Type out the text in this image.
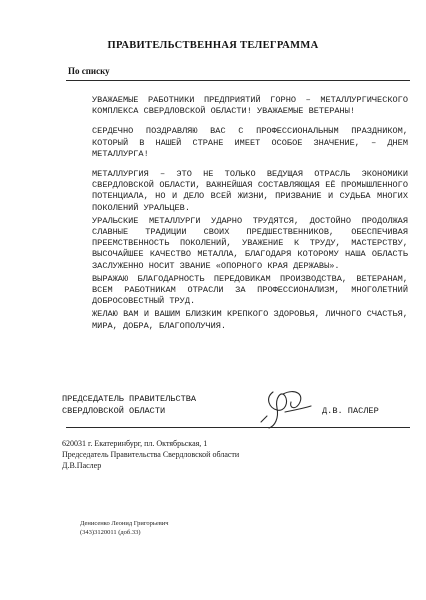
ПРАВИТЕЛЬСТВЕННАЯ ТЕЛЕГРАММА
По списку

УВАЖАЕМЫЕ РАБОТНИКИ ПРЕДПРИЯТИЙ ГОРНО – МЕТАЛЛУРГИЧЕСКОГО КОМПЛЕКСА СВЕРДЛОВСКОЙ ОБЛАСТИ! УВАЖАЕМЫЕ ВЕТЕРАНЫ!

СЕРДЕЧНО ПОЗДРАВЛЯЮ ВАС С ПРОФЕССИОНАЛЬНЫМ ПРАЗДНИКОМ, КОТОРЫЙ В НАШЕЙ СТРАНЕ ИМЕЕТ ОСОБОЕ ЗНАЧЕНИЕ, – ДНЕМ МЕТАЛЛУРГА!

МЕТАЛЛУРГИЯ – ЭТО НЕ ТОЛЬКО ВЕДУЩАЯ ОТРАСЛЬ ЭКОНОМИКИ СВЕРДЛОВСКОЙ ОБЛАСТИ, ВАЖНЕЙШАЯ СОСТАВЛЯЮЩАЯ ЕЁ ПРОМЫШЛЕННОГО ПОТЕНЦИАЛА, НО И ДЕЛО ВСЕЙ ЖИЗНИ, ПРИЗВАНИЕ И СУДЬБА МНОГИХ ПОКОЛЕНИЙ УРАЛЬЦЕВ.

УРАЛЬСКИЕ МЕТАЛЛУРГИ УДАРНО ТРУДЯТСЯ, ДОСТОЙНО ПРОДОЛЖАЯ СЛАВНЫЕ ТРАДИЦИИ СВОИХ ПРЕДШЕСТВЕННИКОВ, ОБЕСПЕЧИВАЯ ПРЕЕМСТВЕННОСТЬ ПОКОЛЕНИЙ, УВАЖЕНИЕ К ТРУДУ, МАСТЕРСТВУ, ВЫСОЧАЙШЕЕ КАЧЕСТВО МЕТАЛЛА, БЛАГОДАРЯ КОТОРОМУ НАША ОБЛАСТЬ ЗАСЛУЖЕННО НОСИТ ЗВАНИЕ «ОПОРНОГО КРАЯ ДЕРЖАВЫ».

ВЫРАЖАЮ БЛАГОДАРНОСТЬ ПЕРЕДОВИКАМ ПРОИЗВОДСТВА, ВЕТЕРАНАМ, ВСЕМ РАБОТНИКАМ ОТРАСЛИ ЗА ПРОФЕССИОНАЛИЗМ, МНОГОЛЕТНИЙ ДОБРОСОВЕСТНЫЙ ТРУД.

ЖЕЛАЮ ВАМ И ВАШИМ БЛИЗКИМ КРЕПКОГО ЗДОРОВЬЯ, ЛИЧНОГО СЧАСТЬЯ, МИРА, ДОБРА, БЛАГОПОЛУЧИЯ.

ПРЕДСЕДАТЕЛЬ ПРАВИТЕЛЬСТВА
СВЕРДЛОВСКОЙ ОБЛАСТИ	Д.В. ПАСЛЕР
620031 г. Екатеринбург, пл. Октябрьская, 1
Председатель Правительства Свердловской области
Д.В.Паслер
Денисенко Леонид Григорьевич
(343)3120011 (доб.33)
